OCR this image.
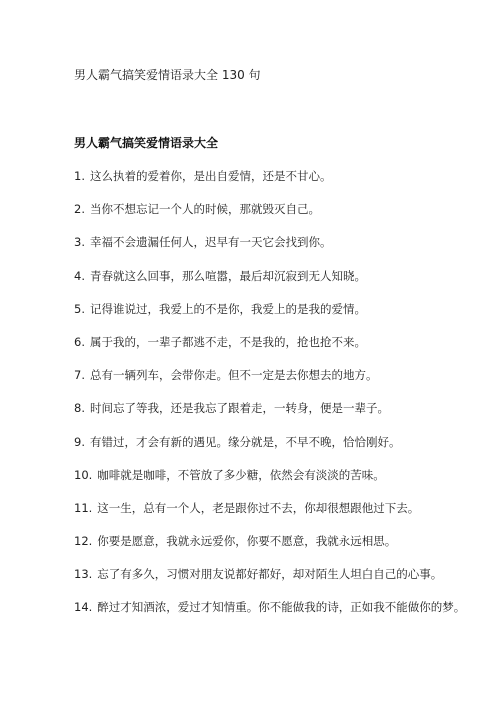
男人霸气搞笑爱情语录大全 130 句
男人霸气搞笑爱情语录大全
1. 这么执着的爱着你，是出自爱情，还是不甘心。
2. 当你不想忘记一个人的时候，那就毁灭自己。
3. 幸福不会遗漏任何人，迟早有一天它会找到你。
4. 青春就这么回事，那么喧嚣，最后却沉寂到无人知晓。
5. 记得谁说过，我爱上的不是你，我爱上的是我的爱情。
6. 属于我的，一辈子都逃不走，不是我的，抢也抢不来。
7. 总有一辆列车，会带你走。但不一定是去你想去的地方。
8. 时间忘了等我，还是我忘了跟着走，一转身，便是一辈子。
9. 有错过，才会有新的遇见。缘分就是，不早不晚，恰恰刚好。
10. 咖啡就是咖啡，不管放了多少糖，依然会有淡淡的苦味。
11. 这一生，总有一个人，老是跟你过不去，你却很想跟他过下去。
12. 你要是愿意，我就永远爱你，你要不愿意，我就永远相思。
13. 忘了有多久，习惯对朋友说都好都好，却对陌生人坦白自己的心事。
14. 醉过才知酒浓，爱过才知情重。你不能做我的诗，正如我不能做你的梦。
